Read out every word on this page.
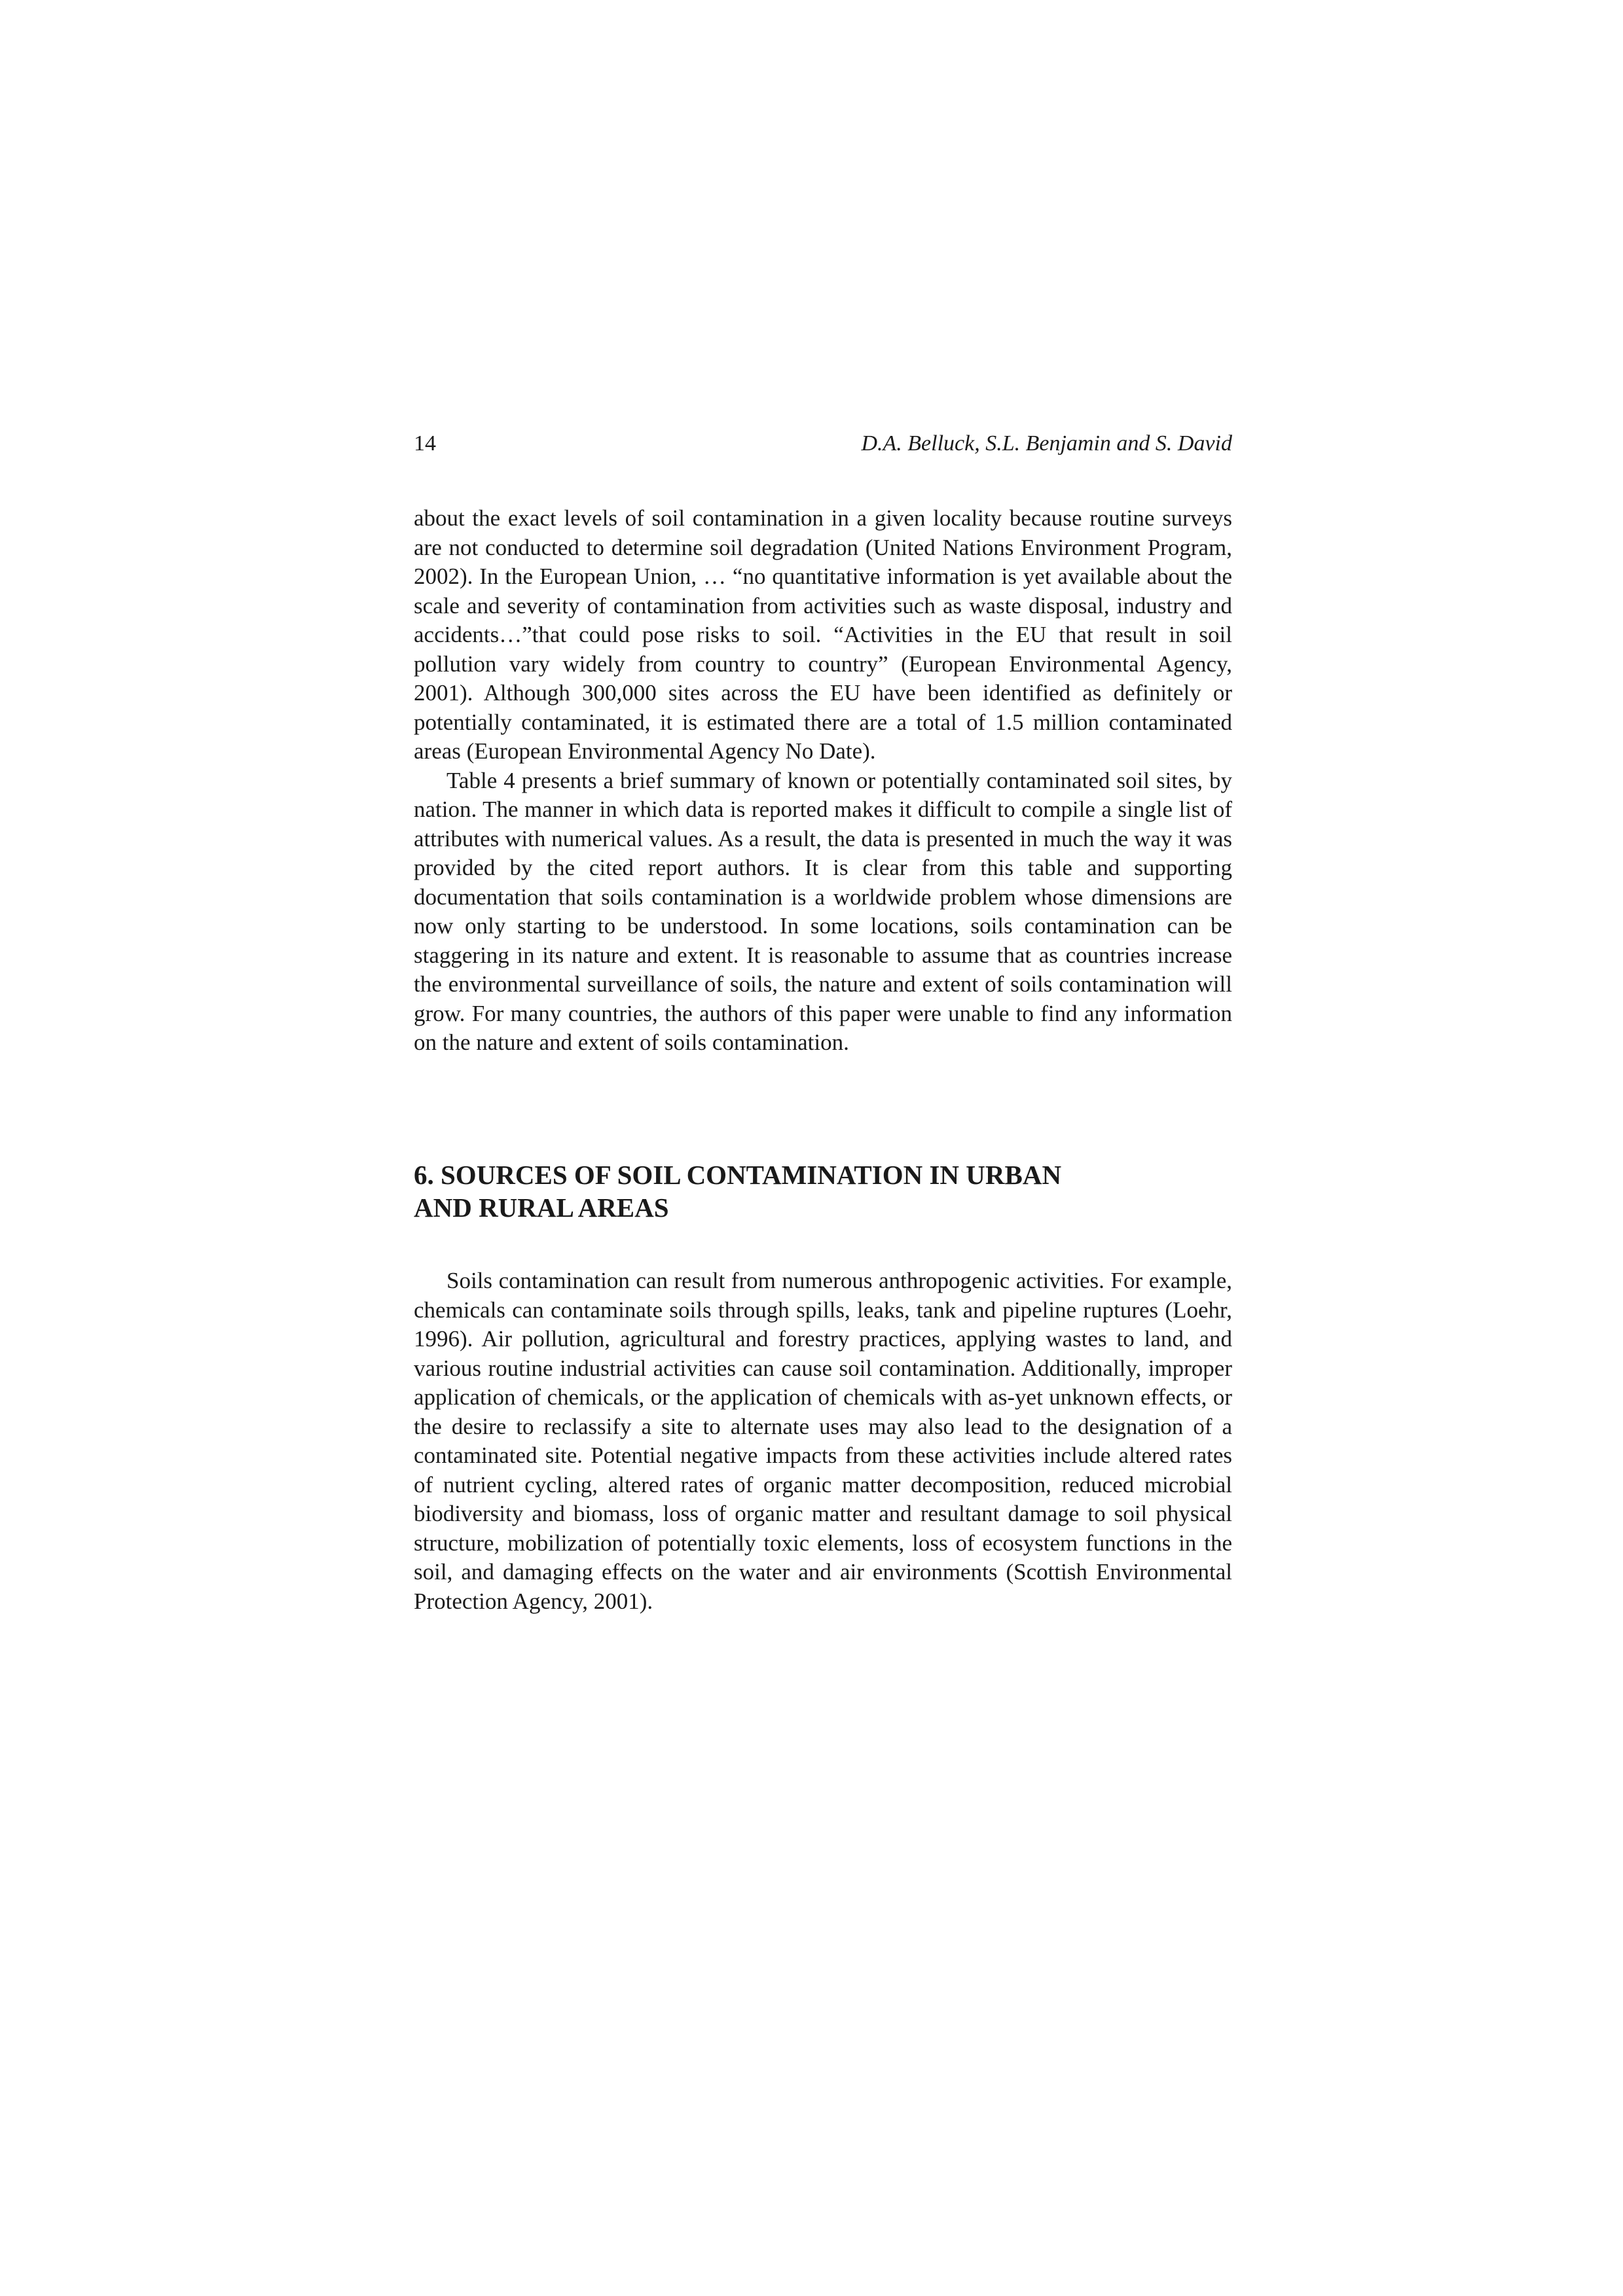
14	D.A. Belluck, S.L. Benjamin and S. David

about the exact levels of soil contamination in a given locality because routine surveys are not conducted to determine soil degradation (United Nations Environment Program, 2002). In the European Union, … “no quantitative information is yet available about the scale and severity of contamination from activities such as waste disposal, industry and accidents…”that could pose risks to soil. “Activities in the EU that result in soil pollution vary widely from country to country” (European Environmental Agency, 2001). Although 300,000 sites across the EU have been identified as definitely or potentially contaminated, it is estimated there are a total of 1.5 million contaminated areas (European Environmental Agency No Date).

Table 4 presents a brief summary of known or potentially contaminated soil sites, by nation. The manner in which data is reported makes it difficult to compile a single list of attributes with numerical values. As a result, the data is presented in much the way it was provided by the cited report authors. It is clear from this table and supporting documentation that soils contamination is a worldwide problem whose dimensions are now only starting to be understood. In some locations, soils contamination can be staggering in its nature and extent. It is reasonable to assume that as countries increase the environmental surveillance of soils, the nature and extent of soils contamination will grow. For many countries, the authors of this paper were unable to find any information on the nature and extent of soils contamination.

6. SOURCES OF SOIL CONTAMINATION IN URBAN
AND RURAL AREAS

Soils contamination can result from numerous anthropogenic activities. For example, chemicals can contaminate soils through spills, leaks, tank and pipeline ruptures (Loehr, 1996). Air pollution, agricultural and forestry practices, applying wastes to land, and various routine industrial activities can cause soil contamination. Additionally, improper application of chemicals, or the application of chemicals with as-yet unknown effects, or the desire to reclassify a site to alternate uses may also lead to the designation of a contaminated site. Potential negative impacts from these activities include altered rates of nutrient cycling, altered rates of organic matter decomposition, reduced microbial biodiversity and biomass, loss of organic matter and resultant damage to soil physical structure, mobilization of potentially toxic elements, loss of ecosystem functions in the soil, and damaging effects on the water and air environments (Scottish Environmental Protection Agency, 2001).
